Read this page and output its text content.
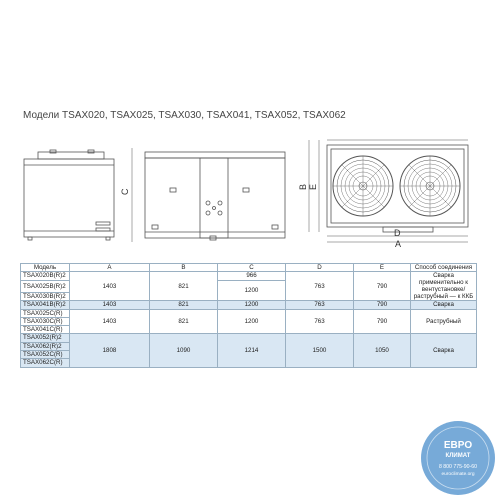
Модели TSAX020, TSAX025, TSAX030, TSAX041, TSAX052, TSAX062
C
B E
D
A
Модель	A	B	C	D	E	Способ соединения
TSAX020B(R)2	1403	821	966	763	790	Сварка применительно к вентустановке/ раструбный — к ККБ
TSAX025B(R)2			1200			
TSAX030B(R)2						
TSAX041B(R)2	1403	821	1200	763	790	Сварка
TSAX025C(R)	1403	821	1200	763	790	Раструбный
TSAX030C(R)						
TSAX041C(R)						
TSAX052(R)2	1808	1090	1214	1500	1050	Сварка
TSAX062(R)2						
TSAX052C(R)						
TSAX062C(R)						
ЕВРО
КЛИМАТ
8 800 775-90-60
euroclimate.org
